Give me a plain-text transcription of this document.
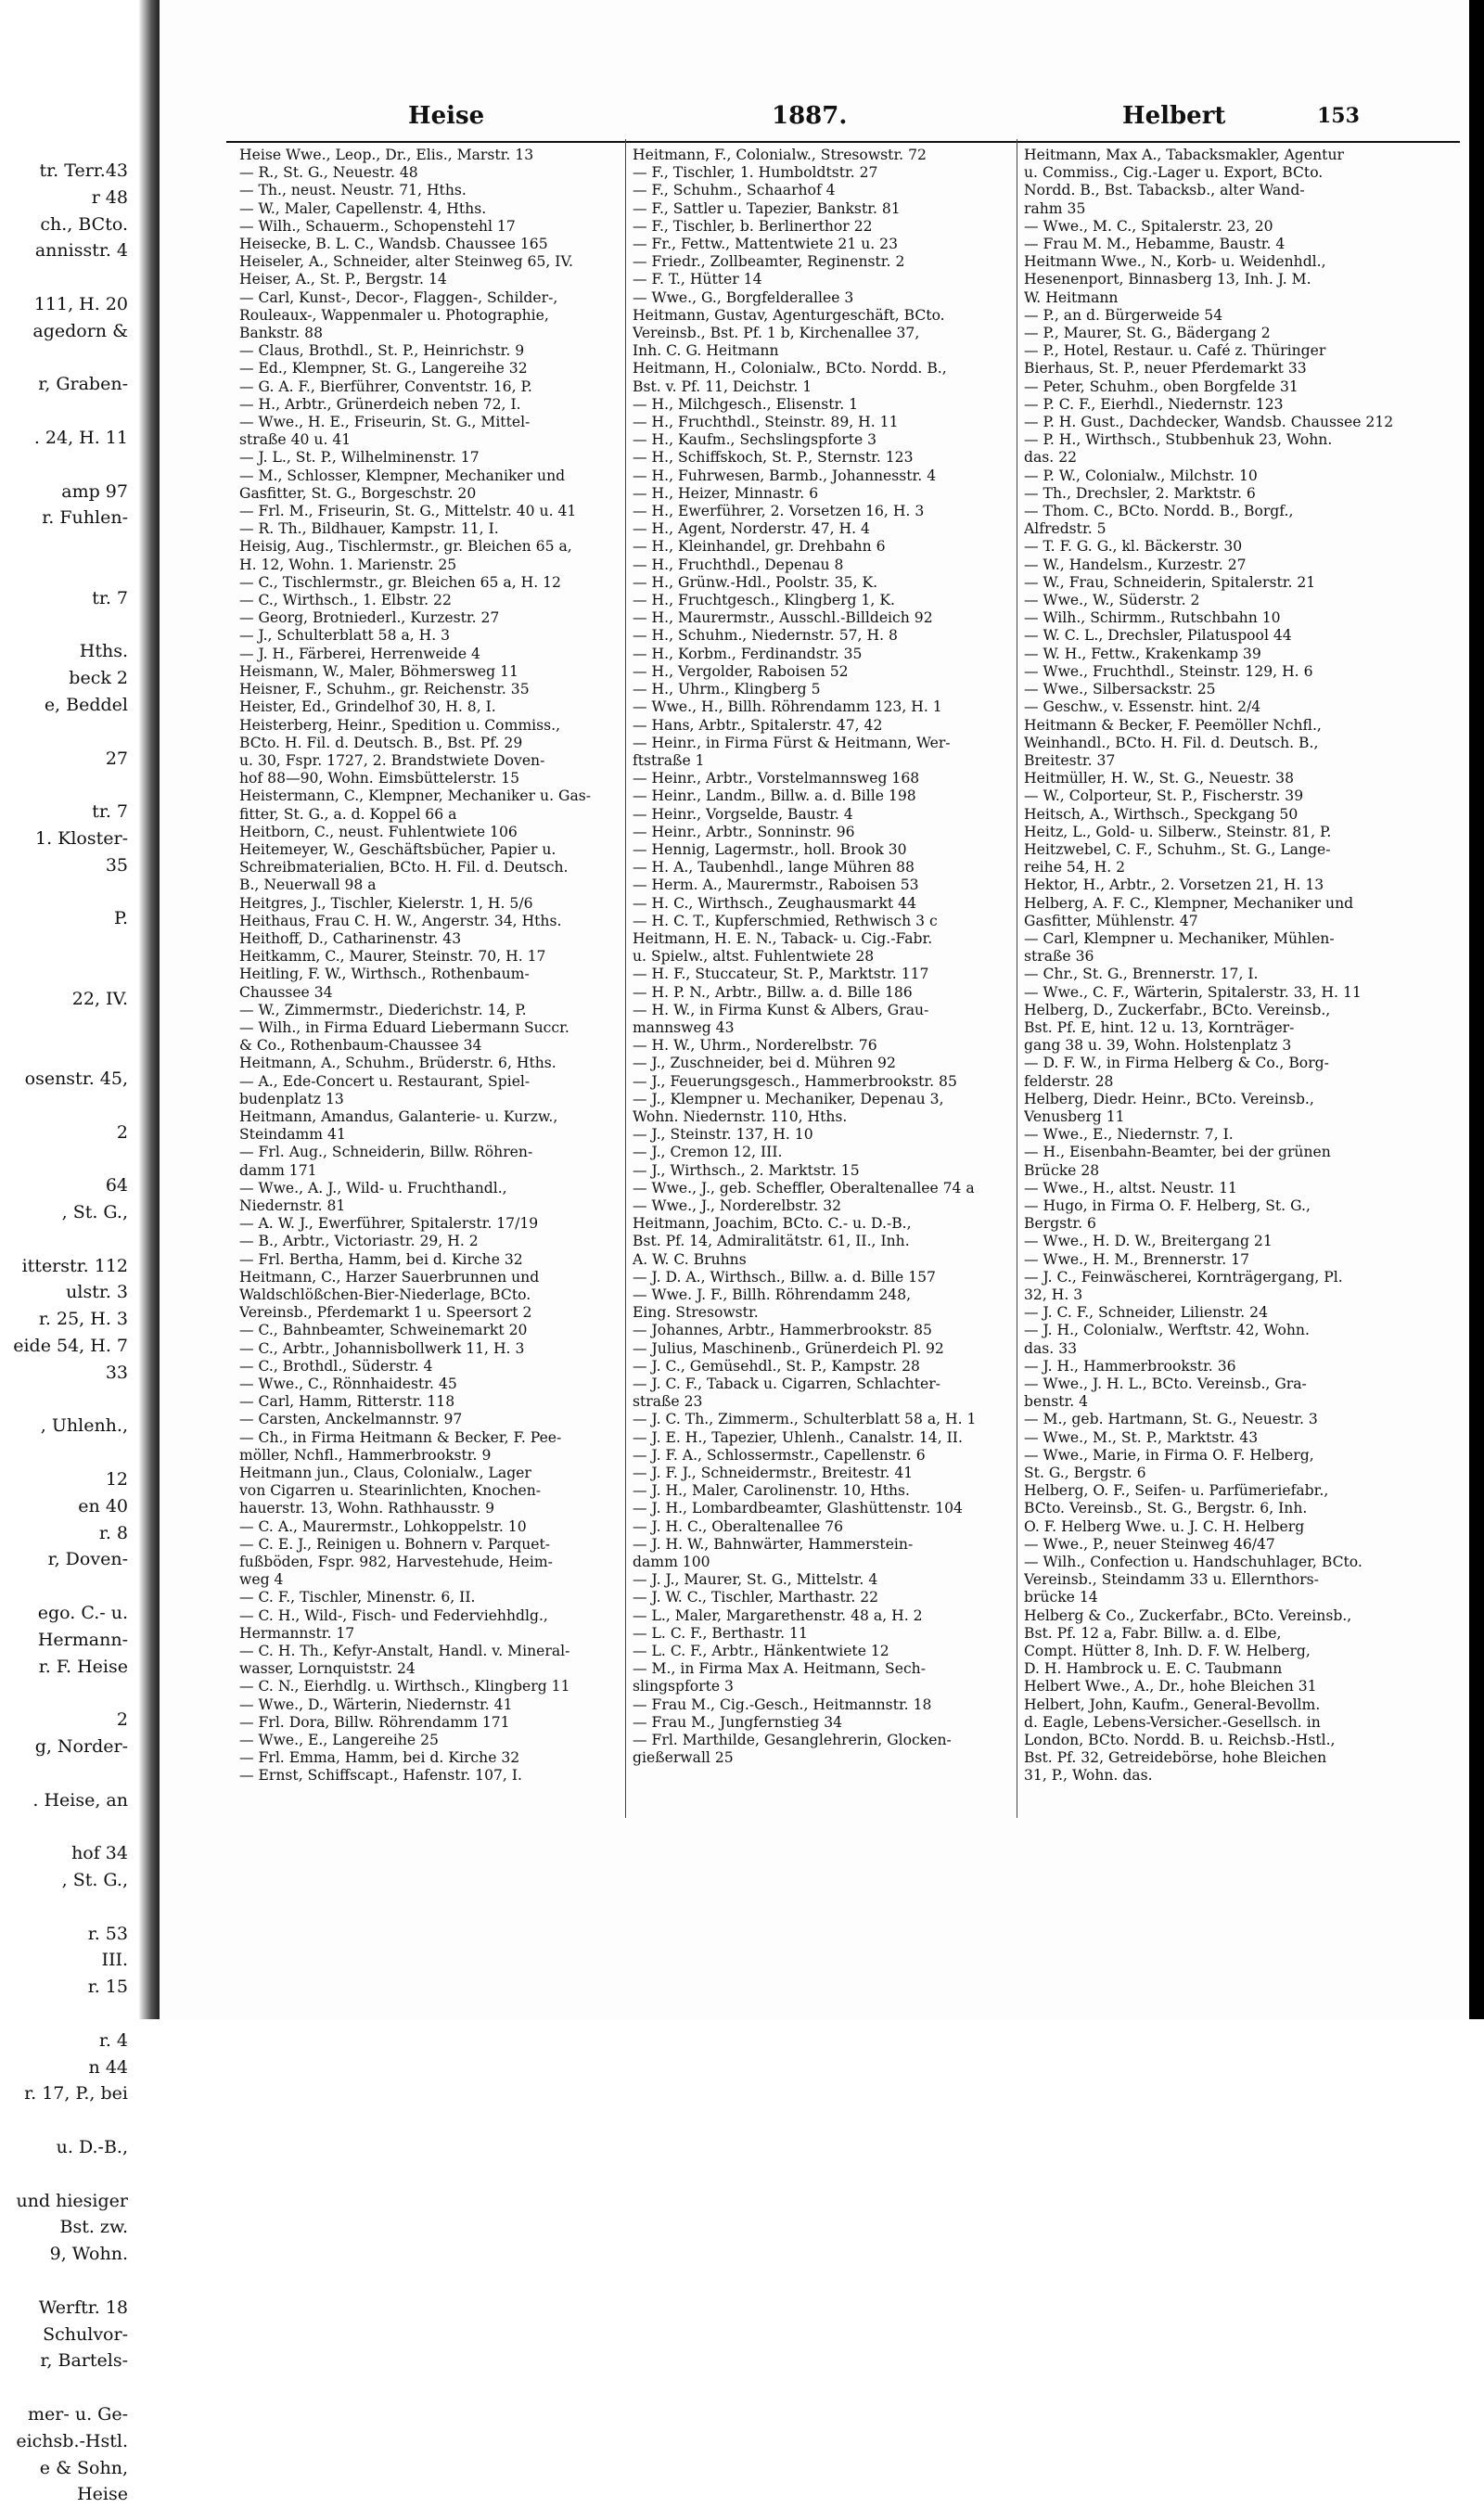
tr. Terr.43
r 48
ch., BCto.
annisstr. 4

111, H. 20
agedorn &

r, Graben-

. 24, H. 11

amp 97
r. Fuhlen-

tr. 7

Hths.
beck 2
e, Beddel

27

tr. 7
1. Kloster-
35

P.

22, IV.

osenstr. 45,

2

64
, St. G.,

itterstr. 112
ulstr. 3
r. 25, H. 3
eide 54, H. 7
33

, Uhlenh.,

12
en 40
r. 8
r, Doven-

ego. C.- u.
Hermann-
r. F. Heise

2
g, Norder-

. Heise, an

hof 34
, St. G.,

r. 53
III.
r. 15

r. 4
n 44
r. 17, P., bei

u. D.-B.,

und hiesiger
Bst. zw.
9, Wohn.

Werftr. 18
Schulvor-
r, Bartels-

mer- u. Ge-
eichsb.-Hstl.
e & Sohn,
Heise
Heise	1887.	Helbert	153
Heise Wwe., Leop., Dr., Elis., Marstr. 13
— R., St. G., Neuestr. 48
— Th., neust. Neustr. 71, Hths.
— W., Maler, Capellenstr. 4, Hths.
— Wilh., Schauerm., Schopenstehl 17
Heisecke, B. L. C., Wandsb. Chaussee 165
Heiseler, A., Schneider, alter Steinweg 65, IV.
Heiser, A., St. P., Bergstr. 14
— Carl, Kunst-, Decor-, Flaggen-, Schilder-,
Rouleaux-, Wappenmaler u. Photographie,
Bankstr. 88
— Claus, Brothdl., St. P., Heinrichstr. 9
— Ed., Klempner, St. G., Langereihe 32
— G. A. F., Bierführer, Conventstr. 16, P.
— H., Arbtr., Grünerdeich neben 72, I.
— Wwe., H. E., Friseurin, St. G., Mittel-
straße 40 u. 41
— J. L., St. P., Wilhelminenstr. 17
— M., Schlosser, Klempner, Mechaniker und
Gasfitter, St. G., Borgeschstr. 20
— Frl. M., Friseurin, St. G., Mittelstr. 40 u. 41
— R. Th., Bildhauer, Kampstr. 11, I.
Heisig, Aug., Tischlermstr., gr. Bleichen 65 a,
H. 12, Wohn. 1. Marienstr. 25
— C., Tischlermstr., gr. Bleichen 65 a, H. 12
— C., Wirthsch., 1. Elbstr. 22
— Georg, Brotniederl., Kurzestr. 27
— J., Schulterblatt 58 a, H. 3
— J. H., Färberei, Herrenweide 4
Heismann, W., Maler, Böhmersweg 11
Heisner, F., Schuhm., gr. Reichenstr. 35
Heister, Ed., Grindelhof 30, H. 8, I.
Heisterberg, Heinr., Spedition u. Commiss.,
BCto. H. Fil. d. Deutsch. B., Bst. Pf. 29
u. 30, Fspr. 1727, 2. Brandstwiete Doven-
hof 88—90, Wohn. Eimsbüttelerstr. 15
Heistermann, C., Klempner, Mechaniker u. Gas-
fitter, St. G., a. d. Koppel 66 a
Heitborn, C., neust. Fuhlentwiete 106
Heitemeyer, W., Geschäftsbücher, Papier u.
Schreibmaterialien, BCto. H. Fil. d. Deutsch.
B., Neuerwall 98 a
Heitgres, J., Tischler, Kielerstr. 1, H. 5/6
Heithaus, Frau C. H. W., Angerstr. 34, Hths.
Heithoff, D., Catharinenstr. 43
Heitkamm, C., Maurer, Steinstr. 70, H. 17
Heitling, F. W., Wirthsch., Rothenbaum-
Chaussee 34
— W., Zimmermstr., Diederichstr. 14, P.
— Wilh., in Firma Eduard Liebermann Succr.
& Co., Rothenbaum-Chaussee 34
Heitmann, A., Schuhm., Brüderstr. 6, Hths.
— A., Ede-Concert u. Restaurant, Spiel-
budenplatz 13
Heitmann, Amandus, Galanterie- u. Kurzw.,
Steindamm 41
— Frl. Aug., Schneiderin, Billw. Röhren-
damm 171
— Wwe., A. J., Wild- u. Fruchthandl.,
Niedernstr. 81
— A. W. J., Ewerführer, Spitalerstr. 17/19
— B., Arbtr., Victoriastr. 29, H. 2
— Frl. Bertha, Hamm, bei d. Kirche 32
Heitmann, C., Harzer Sauerbrunnen und
Waldschlößchen-Bier-Niederlage, BCto.
Vereinsb., Pferdemarkt 1 u. Speersort 2
— C., Bahnbeamter, Schweinemarkt 20
— C., Arbtr., Johannisbollwerk 11, H. 3
— C., Brothdl., Süderstr. 4
— Wwe., C., Rönnhaidestr. 45
— Carl, Hamm, Ritterstr. 118
— Carsten, Anckelmannstr. 97
— Ch., in Firma Heitmann & Becker, F. Pee-
möller, Nchfl., Hammerbrookstr. 9
Heitmann jun., Claus, Colonialw., Lager
von Cigarren u. Stearinlichten, Knochen-
hauerstr. 13, Wohn. Rathhausstr. 9
— C. A., Maurermstr., Lohkoppelstr. 10
— C. E. J., Reinigen u. Bohnern v. Parquet-
fußböden, Fspr. 982, Harvestehude, Heim-
weg 4
— C. F., Tischler, Minenstr. 6, II.
— C. H., Wild-, Fisch- und Federviehhdlg.,
Hermannstr. 17
— C. H. Th., Kefyr-Anstalt, Handl. v. Mineral-
wasser, Lornquiststr. 24
— C. N., Eierhdlg. u. Wirthsch., Klingberg 11
— Wwe., D., Wärterin, Niedernstr. 41
— Frl. Dora, Billw. Röhrendamm 171
— Wwe., E., Langereihe 25
— Frl. Emma, Hamm, bei d. Kirche 32
— Ernst, Schiffscapt., Hafenstr. 107, I.
Heitmann, F., Colonialw., Stresowstr. 72
— F., Tischler, 1. Humboldtstr. 27
— F., Schuhm., Schaarhof 4
— F., Sattler u. Tapezier, Bankstr. 81
— F., Tischler, b. Berlinerthor 22
— Fr., Fettw., Mattentwiete 21 u. 23
— Friedr., Zollbeamter, Reginenstr. 2
— F. T., Hütter 14
— Wwe., G., Borgfelderallee 3
Heitmann, Gustav, Agenturgeschäft, BCto.
Vereinsb., Bst. Pf. 1 b, Kirchenallee 37,
Inh. C. G. Heitmann
Heitmann, H., Colonialw., BCto. Nordd. B.,
Bst. v. Pf. 11, Deichstr. 1
— H., Milchgesch., Elisenstr. 1
— H., Fruchthdl., Steinstr. 89, H. 11
— H., Kaufm., Sechslingspforte 3
— H., Schiffskoch, St. P., Sternstr. 123
— H., Fuhrwesen, Barmb., Johannesstr. 4
— H., Heizer, Minnastr. 6
— H., Ewerführer, 2. Vorsetzen 16, H. 3
— H., Agent, Norderstr. 47, H. 4
— H., Kleinhandel, gr. Drehbahn 6
— H., Fruchthdl., Depenau 8
— H., Grünw.-Hdl., Poolstr. 35, K.
— H., Fruchtgesch., Klingberg 1, K.
— H., Maurermstr., Ausschl.-Billdeich 92
— H., Schuhm., Niedernstr. 57, H. 8
— H., Korbm., Ferdinandstr. 35
— H., Vergolder, Raboisen 52
— H., Uhrm., Klingberg 5
— Wwe., H., Billh. Röhrendamm 123, H. 1
— Hans, Arbtr., Spitalerstr. 47, 42
— Heinr., in Firma Fürst & Heitmann, Wer-
ftstraße 1
— Heinr., Arbtr., Vorstelmannsweg 168
— Heinr., Landm., Billw. a. d. Bille 198
— Heinr., Vorgselde, Baustr. 4
— Heinr., Arbtr., Sonninstr. 96
— Hennig, Lagermstr., holl. Brook 30
— H. A., Taubenhdl., lange Mühren 88
— Herm. A., Maurermstr., Raboisen 53
— H. C., Wirthsch., Zeughausmarkt 44
— H. C. T., Kupferschmied, Rethwisch 3 c
Heitmann, H. E. N., Taback- u. Cig.-Fabr.
u. Spielw., altst. Fuhlentwiete 28
— H. F., Stuccateur, St. P., Marktstr. 117
— H. P. N., Arbtr., Billw. a. d. Bille 186
— H. W., in Firma Kunst & Albers, Grau-
mannsweg 43
— H. W., Uhrm., Norderelbstr. 76
— J., Zuschneider, bei d. Mühren 92
— J., Feuerungsgesch., Hammerbrookstr. 85
— J., Klempner u. Mechaniker, Depenau 3,
Wohn. Niedernstr. 110, Hths.
— J., Steinstr. 137, H. 10
— J., Cremon 12, III.
— J., Wirthsch., 2. Marktstr. 15
— Wwe., J., geb. Scheffler, Oberaltenallee 74 a
— Wwe., J., Norderelbstr. 32
Heitmann, Joachim, BCto. C.- u. D.-B.,
Bst. Pf. 14, Admiralitätstr. 61, II., Inh.
A. W. C. Bruhns
— J. D. A., Wirthsch., Billw. a. d. Bille 157
— Wwe. J. F., Billh. Röhrendamm 248,
Eing. Stresowstr.
— Johannes, Arbtr., Hammerbrookstr. 85
— Julius, Maschinenb., Grünerdeich Pl. 92
— J. C., Gemüsehdl., St. P., Kampstr. 28
— J. C. F., Taback u. Cigarren, Schlachter-
straße 23
— J. C. Th., Zimmerm., Schulterblatt 58 a, H. 1
— J. E. H., Tapezier, Uhlenh., Canalstr. 14, II.
— J. F. A., Schlossermstr., Capellenstr. 6
— J. F. J., Schneidermstr., Breitestr. 41
— J. H., Maler, Carolinenstr. 10, Hths.
— J. H., Lombardbeamter, Glashüttenstr. 104
— J. H. C., Oberaltenallee 76
— J. H. W., Bahnwärter, Hammerstein-
damm 100
— J. J., Maurer, St. G., Mittelstr. 4
— J. W. C., Tischler, Marthastr. 22
— L., Maler, Margarethenstr. 48 a, H. 2
— L. C. F., Berthastr. 11
— L. C. F., Arbtr., Hänkentwiete 12
— M., in Firma Max A. Heitmann, Sech-
slingspforte 3
— Frau M., Cig.-Gesch., Heitmannstr. 18
— Frau M., Jungfernstieg 34
— Frl. Marthilde, Gesanglehrerin, Glocken-
gießerwall 25
Heitmann, Max A., Tabacksmakler, Agentur
u. Commiss., Cig.-Lager u. Export, BCto.
Nordd. B., Bst. Tabacksb., alter Wand-
rahm 35
— Wwe., M. C., Spitalerstr. 23, 20
— Frau M. M., Hebamme, Baustr. 4
Heitmann Wwe., N., Korb- u. Weidenhdl.,
Hesenenport, Binnasberg 13, Inh. J. M.
W. Heitmann
— P., an d. Bürgerweide 54
— P., Maurer, St. G., Bädergang 2
— P., Hotel, Restaur. u. Café z. Thüringer
Bierhaus, St. P., neuer Pferdemarkt 33
— Peter, Schuhm., oben Borgfelde 31
— P. C. F., Eierhdl., Niedernstr. 123
— P. H. Gust., Dachdecker, Wandsb. Chaussee 212
— P. H., Wirthsch., Stubbenhuk 23, Wohn.
das. 22
— P. W., Colonialw., Milchstr. 10
— Th., Drechsler, 2. Marktstr. 6
— Thom. C., BCto. Nordd. B., Borgf.,
Alfredstr. 5
— T. F. G. G., kl. Bäckerstr. 30
— W., Handelsm., Kurzestr. 27
— W., Frau, Schneiderin, Spitalerstr. 21
— Wwe., W., Süderstr. 2
— Wilh., Schirmm., Rutschbahn 10
— W. C. L., Drechsler, Pilatuspool 44
— W. H., Fettw., Krakenkamp 39
— Wwe., Fruchthdl., Steinstr. 129, H. 6
— Wwe., Silbersackstr. 25
— Geschw., v. Essenstr. hint. 2/4
Heitmann & Becker, F. Peemöller Nchfl.,
Weinhandl., BCto. H. Fil. d. Deutsch. B.,
Breitestr. 37
Heitmüller, H. W., St. G., Neuestr. 38
— W., Colporteur, St. P., Fischerstr. 39
Heitsch, A., Wirthsch., Speckgang 50
Heitz, L., Gold- u. Silberw., Steinstr. 81, P.
Heitzwebel, C. F., Schuhm., St. G., Lange-
reihe 54, H. 2
Hektor, H., Arbtr., 2. Vorsetzen 21, H. 13
Helberg, A. F. C., Klempner, Mechaniker und
Gasfitter, Mühlenstr. 47
— Carl, Klempner u. Mechaniker, Mühlen-
straße 36
— Chr., St. G., Brennerstr. 17, I.
— Wwe., C. F., Wärterin, Spitalerstr. 33, H. 11
Helberg, D., Zuckerfabr., BCto. Vereinsb.,
Bst. Pf. E, hint. 12 u. 13, Kornträger-
gang 38 u. 39, Wohn. Holstenplatz 3
— D. F. W., in Firma Helberg & Co., Borg-
felderstr. 28
Helberg, Diedr. Heinr., BCto. Vereinsb.,
Venusberg 11
— Wwe., E., Niedernstr. 7, I.
— H., Eisenbahn-Beamter, bei der grünen
Brücke 28
— Wwe., H., altst. Neustr. 11
— Hugo, in Firma O. F. Helberg, St. G.,
Bergstr. 6
— Wwe., H. D. W., Breitergang 21
— Wwe., H. M., Brennerstr. 17
— J. C., Feinwäscherei, Kornträgergang, Pl.
32, H. 3
— J. C. F., Schneider, Lilienstr. 24
— J. H., Colonialw., Werftstr. 42, Wohn.
das. 33
— J. H., Hammerbrookstr. 36
— Wwe., J. H. L., BCto. Vereinsb., Gra-
benstr. 4
— M., geb. Hartmann, St. G., Neuestr. 3
— Wwe., M., St. P., Marktstr. 43
— Wwe., Marie, in Firma O. F. Helberg,
St. G., Bergstr. 6
Helberg, O. F., Seifen- u. Parfümeriefabr.,
BCto. Vereinsb., St. G., Bergstr. 6, Inh.
O. F. Helberg Wwe. u. J. C. H. Helberg
— Wwe., P., neuer Steinweg 46/47
— Wilh., Confection u. Handschuhlager, BCto.
Vereinsb., Steindamm 33 u. Ellernthors-
brücke 14
Helberg & Co., Zuckerfabr., BCto. Vereinsb.,
Bst. Pf. 12 a, Fabr. Billw. a. d. Elbe,
Compt. Hütter 8, Inh. D. F. W. Helberg,
D. H. Hambrock u. E. C. Taubmann
Helbert Wwe., A., Dr., hohe Bleichen 31
Helbert, John, Kaufm., General-Bevollm.
d. Eagle, Lebens-Versicher.-Gesellsch. in
London, BCto. Nordd. B. u. Reichsb.-Hstl.,
Bst. Pf. 32, Getreidebörse, hohe Bleichen
31, P., Wohn. das.
